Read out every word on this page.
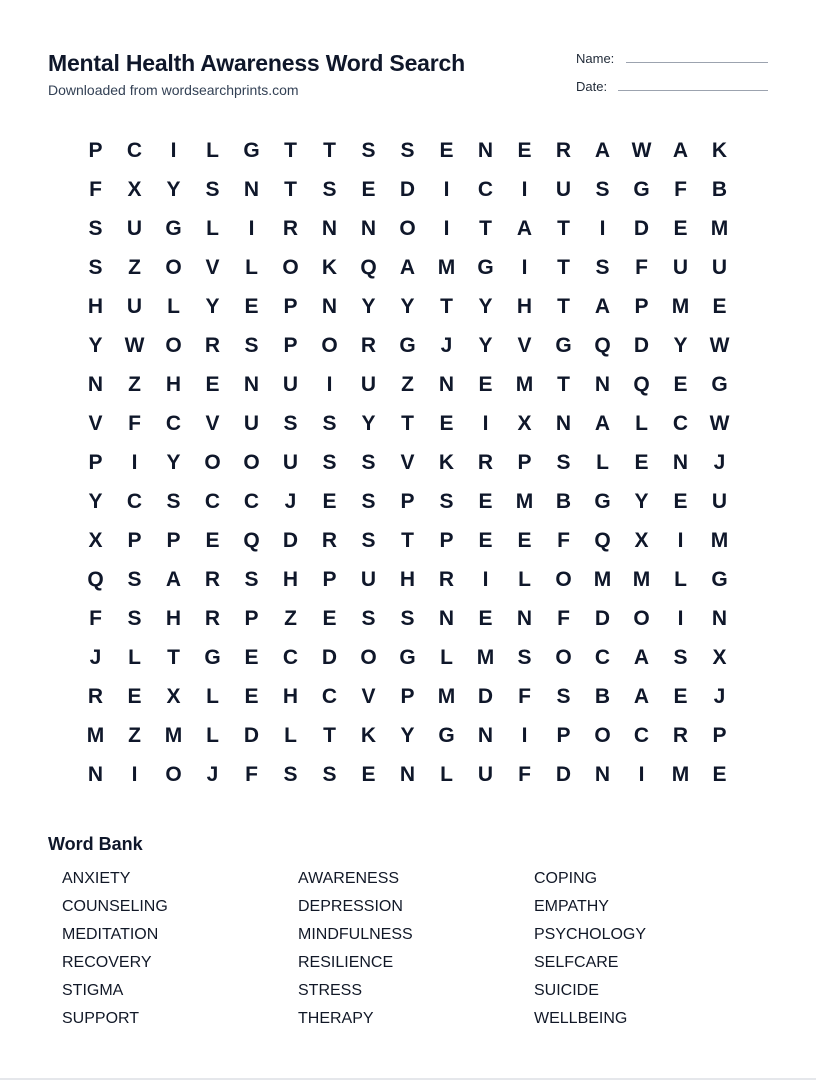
Mental Health Awareness Word Search
Downloaded from wordsearchprints.com
Name:
Date:
P	C	I	L	G	T	T	S	S	E	N	E	R	A	W	A	K
F	X	Y	S	N	T	S	E	D	I	C	I	U	S	G	F	B
S	U	G	L	I	R	N	N	O	I	T	A	T	I	D	E	M
S	Z	O	V	L	O	K	Q	A	M	G	I	T	S	F	U	U
H	U	L	Y	E	P	N	Y	Y	T	Y	H	T	A	P	M	E
Y	W O	R	S	P	O	R	G	J	Y	V	G	Q	D	Y	W
N	Z	H	E	N	U	I	U	Z	N	E	M	T	N	Q	E	G
V	F	C	V	U	S	S	Y	T	E	I	X	N	A	L	C	W
P	I	Y	O	O	U	S	S	V	K	R	P	S	L	E	N	J
Y	C	S	C	C	J	E	S	P	S	E	M	B	G	Y	E	U
X	P	P	E	Q	D	R	S	T	P	E	E	F	Q	X	I	M
Q	S	A	R	S	H	P	U	H	R	I	L	O	M	M	L	G
F	S	H	R	P	Z	E	S	S	N	E	N	F	D	O	I	N
J	L	T	G	E	C	D	O	G	L	M	S	O	C	A	S	X
R	E	X	L	E	H	C	V	P	M	D	F	S	B	A	E	J
M	Z	M	L	D	L	T	K	Y	G	N	I	P	O	C	R	P
N	I	O	J	F	S	S	E	N	L	U	F	D	N	I	M	E
Word Bank
ANXIETY	AWARENESS	COPING
COUNSELING	DEPRESSION	EMPATHY
MEDITATION	MINDFULNESS	PSYCHOLOGY
RECOVERY	RESILIENCE	SELFCARE
STIGMA	STRESS	SUICIDE
SUPPORT	THERAPY	WELLBEING
